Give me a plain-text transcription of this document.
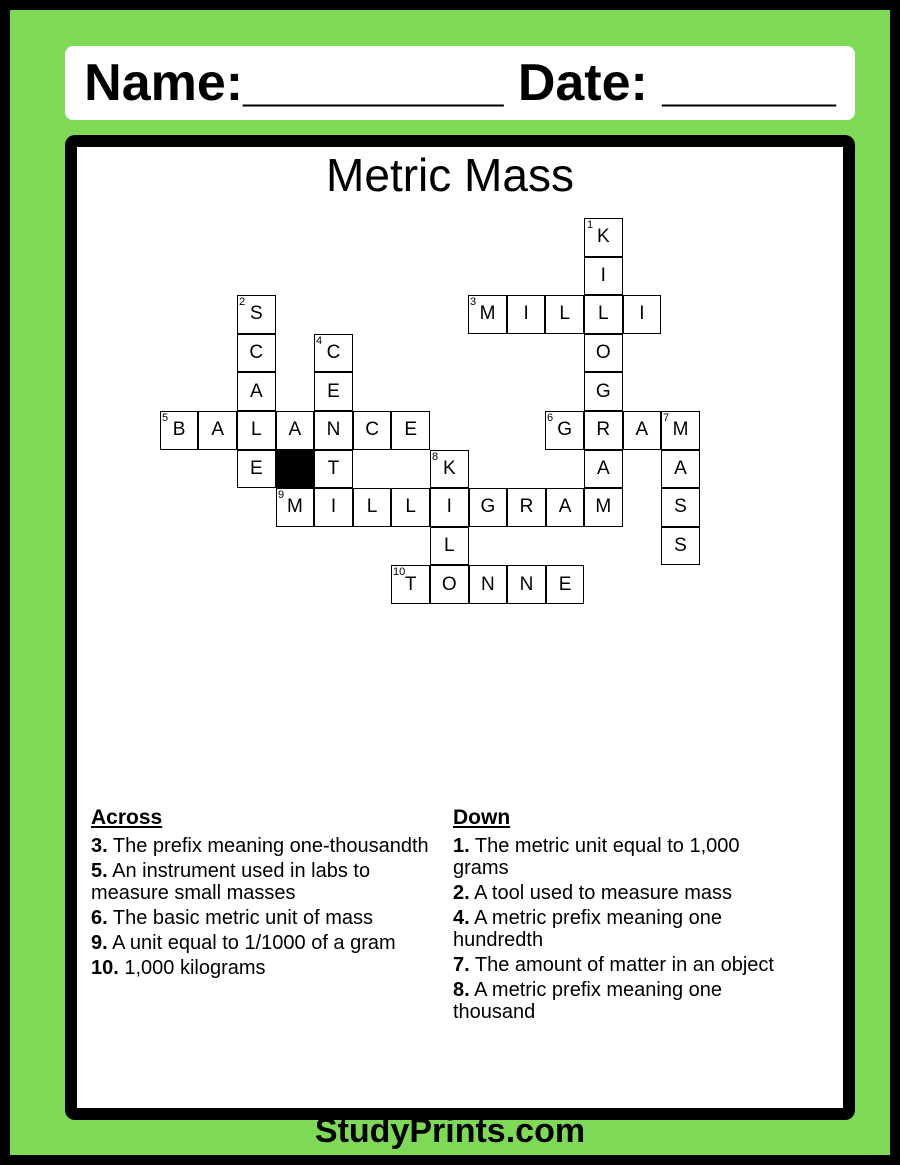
Name:_________ Date: ______
Metric Mass
K
I
L
O
G
R
A
M
S
C
A
E
M I L	I
C
E
T
B A L A N C E	G	A M
A
S
S
K
L
M I L L I G R A
T O N N E
1
2	3
4
5	6	7
8
9
10
Across
3. The prefix meaning one-thousandth
5. An instrument used in labs to measure small masses
6. The basic metric unit of mass
9. A unit equal to 1/1000 of a gram
10. 1,000 kilograms
Down
1. The metric unit equal to 1,000 grams
2. A tool used to measure mass
4. A metric prefix meaning one hundredth
7. The amount of matter in an object
8. A metric prefix meaning one thousand
StudyPrints.com
